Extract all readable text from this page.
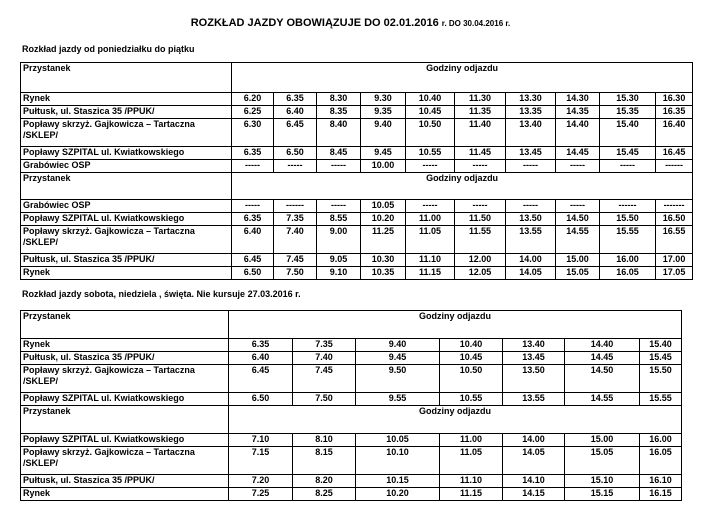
ROZKŁAD JAZDY OBOWIĄZUJE DO 02.01.2016 r. DO 30.04.2016 r.
Rozkład jazdy od poniedziałku do piątku
Przystanek	Godziny odjazdu									
Rynek	6.20	6.35	8.30	9.30	10.40	11.30	13.30	14.30	15.30	16.30
Pułtusk, ul. Staszica 35 /PPUK/	6.25	6.40	8.35	9.35	10.45	11.35	13.35	14.35	15.35	16.35
Popławy skrzyż. Gajkowicza – Tartaczna /SKLEP/	6.30	6.45	8.40	9.40	10.50	11.40	13.40	14.40	15.40	16.40
Popławy SZPITAL ul. Kwiatkowskiego	6.35	6.50	8.45	9.45	10.55	11.45	13.45	14.45	15.45	16.45
Grabówiec OSP	-----	-----	-----	10.00	-----	-----	-----	-----	-----	------
Przystanek	Godziny odjazdu									
Grabówiec OSP	-----	------	-----	10.05	-----	-----	-----	-----	------	-------
Popławy SZPITAL ul. Kwiatkowskiego	6.35	7.35	8.55	10.20	11.00	11.50	13.50	14.50	15.50	16.50
Popławy skrzyż. Gajkowicza – Tartaczna /SKLEP/	6.40	7.40	9.00	11.25	11.05	11.55	13.55	14.55	15.55	16.55
Pułtusk, ul. Staszica 35 /PPUK/	6.45	7.45	9.05	10.30	11.10	12.00	14.00	15.00	16.00	17.00
Rynek	6.50	7.50	9.10	10.35	11.15	12.05	14.05	15.05	16.05	17.05
Rozkład jazdy sobota, niedziela , święta. Nie kursuje 27.03.2016 r.
Przystanek	Godziny odjazdu						
Rynek	6.35	7.35	9.40	10.40	13.40	14.40	15.40
Pułtusk, ul. Staszica 35 /PPUK/	6.40	7.40	9.45	10.45	13.45	14.45	15.45
Popławy skrzyż. Gajkowicza – Tartaczna /SKLEP/	6.45	7.45	9.50	10.50	13.50	14.50	15.50
Popławy SZPITAL ul. Kwiatkowskiego	6.50	7.50	9.55	10.55	13.55	14.55	15.55
Przystanek	Godziny odjazdu						
Popławy SZPITAL ul. Kwiatkowskiego	7.10	8.10	10.05	11.00	14.00	15.00	16.00
Popławy skrzyż. Gajkowicza – Tartaczna /SKLEP/	7.15	8.15	10.10	11.05	14.05	15.05	16.05
Pułtusk, ul. Staszica 35 /PPUK/	7.20	8.20	10.15	11.10	14.10	15.10	16.10
Rynek	7.25	8.25	10.20	11.15	14.15	15.15	16.15
